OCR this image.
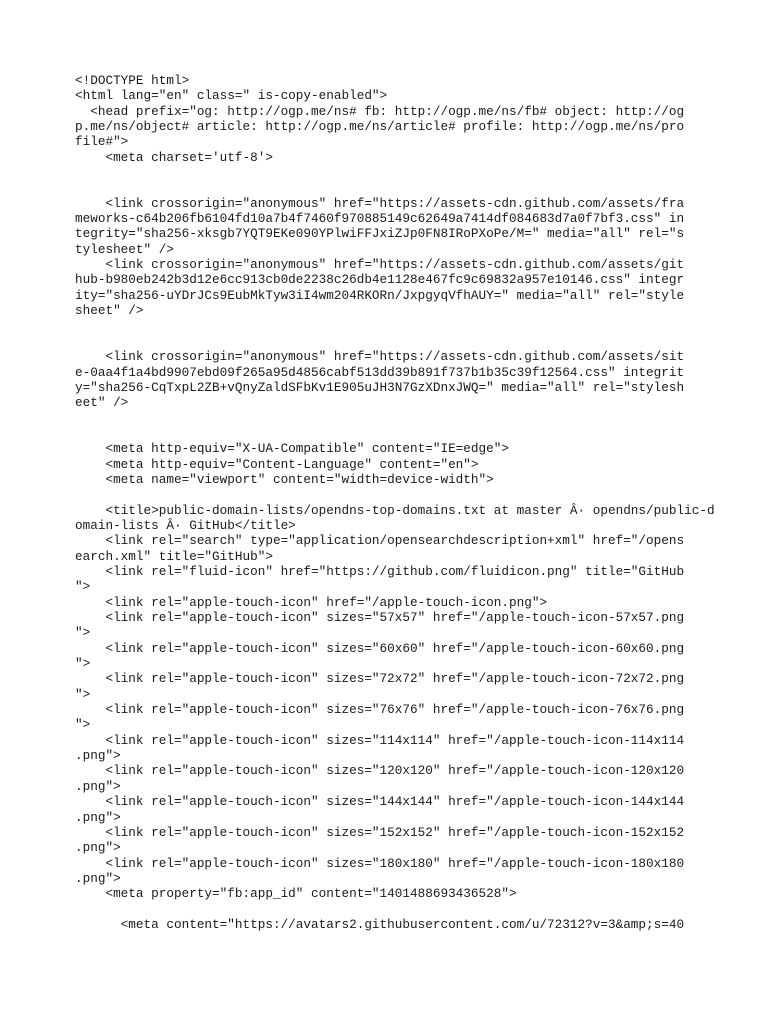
<!DOCTYPE html>
<html lang="en" class=" is-copy-enabled">
<head prefix="og: http://ogp.me/ns# fb: http://ogp.me/ns/fb# object: http://og
p.me/ns/object# article: http://ogp.me/ns/article# profile: http://ogp.me/ns/pro
file#">
<meta charset='utf-8'>
<link crossorigin="anonymous" href="https://assets-cdn.github.com/assets/fra
meworks-c64b206fb6104fd10a7b4f7460f970885149c62649a7414df084683d7a0f7bf3.css" in
tegrity="sha256-xksgb7YQT9EKe090YPlwiFFJxiZJp0FN8IRoPXoPe/M=" media="all" rel="s
tylesheet" />
<link crossorigin="anonymous" href="https://assets-cdn.github.com/assets/git
hub-b980eb242b3d12e6cc913cb0de2238c26db4e1128e467fc9c69832a957e10146.css" integr
ity="sha256-uYDrJCs9EubMkTyw3iI4wm204RKORn/JxpgyqVfhAUY=" media="all" rel="style
sheet" />
<link crossorigin="anonymous" href="https://assets-cdn.github.com/assets/sit
e-0aa4f1a4bd9907ebd09f265a95d4856cabf513dd39b891f737b1b35c39f12564.css" integrit
y="sha256-CqTxpL2ZB+vQnyZaldSFbKv1E905uJH3N7GzXDnxJWQ=" media="all" rel="stylesh
eet" />
<meta http-equiv="X-UA-Compatible" content="IE=edge">
<meta http-equiv="Content-Language" content="en">
<meta name="viewport" content="width=device-width">
<title>public-domain-lists/opendns-top-domains.txt at master Â· opendns/public-d
omain-lists Â· GitHub</title>
<link rel="search" type="application/opensearchdescription+xml" href="/opens
earch.xml" title="GitHub">
<link rel="fluid-icon" href="https://github.com/fluidicon.png" title="GitHub
">
<link rel="apple-touch-icon" href="/apple-touch-icon.png">
<link rel="apple-touch-icon" sizes="57x57" href="/apple-touch-icon-57x57.png
">
<link rel="apple-touch-icon" sizes="60x60" href="/apple-touch-icon-60x60.png
">
<link rel="apple-touch-icon" sizes="72x72" href="/apple-touch-icon-72x72.png
">
<link rel="apple-touch-icon" sizes="76x76" href="/apple-touch-icon-76x76.png
">
<link rel="apple-touch-icon" sizes="114x114" href="/apple-touch-icon-114x114
.png">
<link rel="apple-touch-icon" sizes="120x120" href="/apple-touch-icon-120x120
.png">
<link rel="apple-touch-icon" sizes="144x144" href="/apple-touch-icon-144x144
.png">
<link rel="apple-touch-icon" sizes="152x152" href="/apple-touch-icon-152x152
.png">
<link rel="apple-touch-icon" sizes="180x180" href="/apple-touch-icon-180x180
.png">
<meta property="fb:app_id" content="1401488693436528">
<meta content="https://avatars2.githubusercontent.com/u/72312?v=3&amp;s=40
